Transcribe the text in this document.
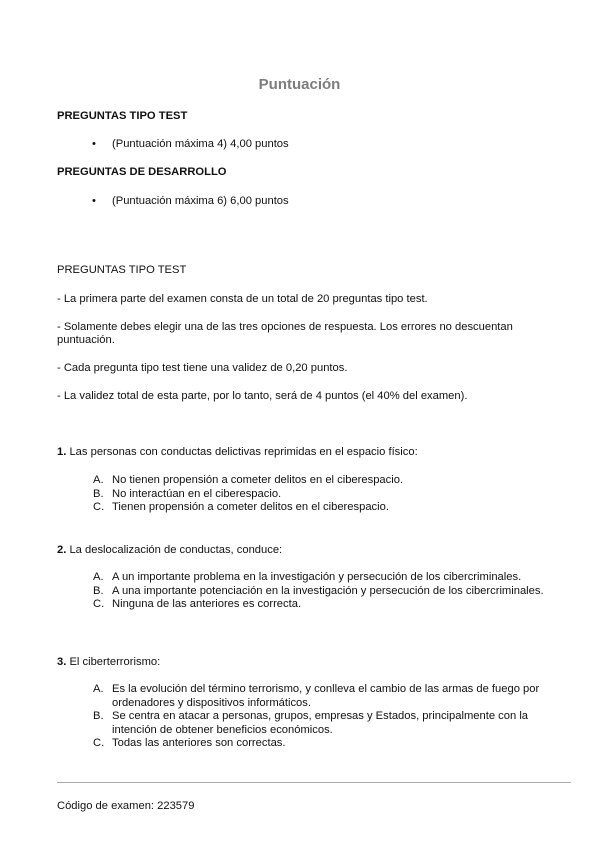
Puntuación
PREGUNTAS TIPO TEST
• (Puntuación máxima 4) 4,00 puntos
PREGUNTAS DE DESARROLLO
• (Puntuación máxima 6) 6,00 puntos
PREGUNTAS TIPO TEST
- La primera parte del examen consta de un total de 20 preguntas tipo test.
- Solamente debes elegir una de las tres opciones de respuesta. Los errores no descuentan puntuación.
- Cada pregunta tipo test tiene una validez de 0,20 puntos.
- La validez total de esta parte, por lo tanto, será de 4 puntos (el 40% del examen).
1. Las personas con conductas delictivas reprimidas en el espacio físico:
A. No tienen propensión a cometer delitos en el ciberespacio.
B. No interactúan en el ciberespacio.
C. Tienen propensión a cometer delitos en el ciberespacio.
2. La deslocalización de conductas, conduce:
A. A un importante problema en la investigación y persecución de los cibercriminales.
B. A una importante potenciación en la investigación y persecución de los cibercriminales.
C. Ninguna de las anteriores es correcta.
3. El ciberterrorismo:
A. Es la evolución del término terrorismo, y conlleva el cambio de las armas de fuego por ordenadores y dispositivos informáticos.
B. Se centra en atacar a personas, grupos, empresas y Estados, principalmente con la intención de obtener beneficios económicos.
C. Todas las anteriores son correctas.
Código de examen: 223579
